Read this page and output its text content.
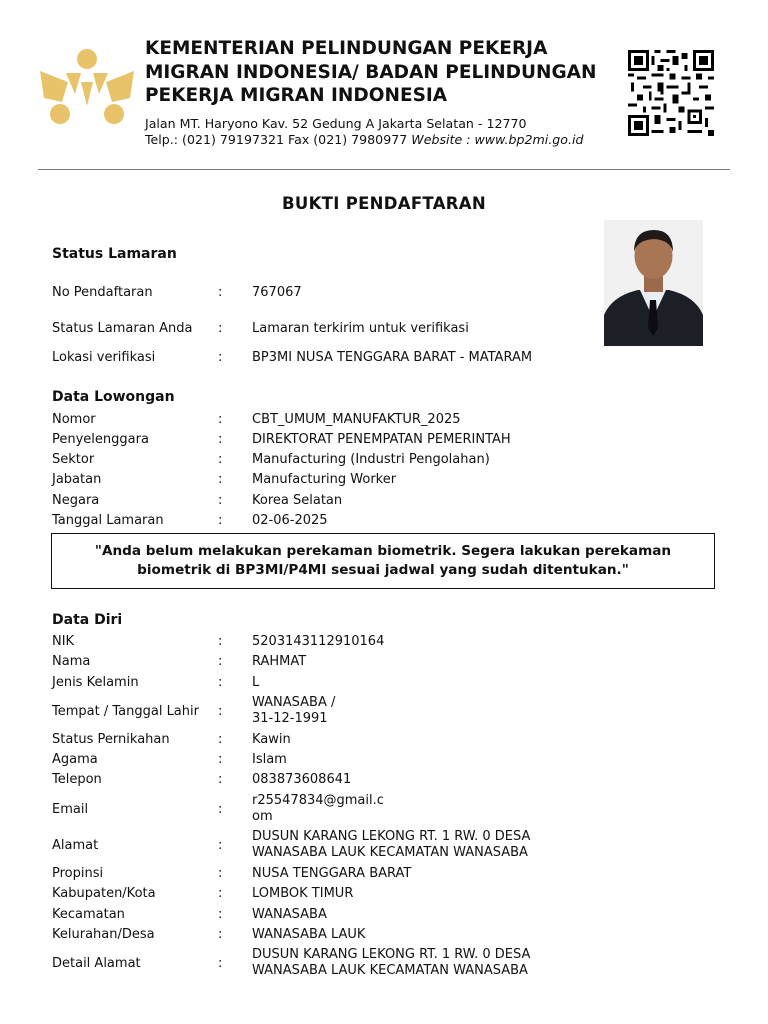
KEMENTERIAN PELINDUNGAN PEKERJA
MIGRAN INDONESIA/ BADAN PELINDUNGAN
PEKERJA MIGRAN INDONESIA
Jalan MT. Haryono Kav. 52 Gedung A Jakarta Selatan - 12770
Telp.: (021) 79197321 Fax (021) 7980977 Website : www.bp2mi.go.id
BUKTI PENDAFTARAN
Status Lamaran
No Pendaftaran	:	767067
Status Lamaran Anda	:	Lamaran terkirim untuk verifikasi
Lokasi verifikasi	:	BP3MI NUSA TENGGARA BARAT - MATARAM
Data Lowongan
Nomor	:	CBT_UMUM_MANUFAKTUR_2025
Penyelenggara	:	DIREKTORAT PENEMPATAN PEMERINTAH
Sektor	:	Manufacturing (Industri Pengolahan)
Jabatan	:	Manufacturing Worker
Negara	:	Korea Selatan
Tanggal Lamaran	:	02-06-2025
"Anda belum melakukan perekaman biometrik. Segera lakukan perekaman
biometrik di BP3MI/P4MI sesuai jadwal yang sudah ditentukan."
Data Diri
NIK	:	5203143112910164
Nama	:	RAHMAT
Jenis Kelamin	:	L
Tempat / Tanggal Lahir	:
WANASABA /
31-12-1991
Status Pernikahan	:	Kawin
Agama	:	Islam
Telepon	:	083873608641
Email	:
r25547834@gmail.c
om
Alamat	:
DUSUN KARANG LEKONG RT. 1 RW. 0 DESA
WANASABA LAUK KECAMATAN WANASABA
Propinsi	:	NUSA TENGGARA BARAT
Kabupaten/Kota	:	LOMBOK TIMUR
Kecamatan	:	WANASABA
Kelurahan/Desa	:	WANASABA LAUK
Detail Alamat	:
DUSUN KARANG LEKONG RT. 1 RW. 0 DESA
WANASABA LAUK KECAMATAN WANASABA
